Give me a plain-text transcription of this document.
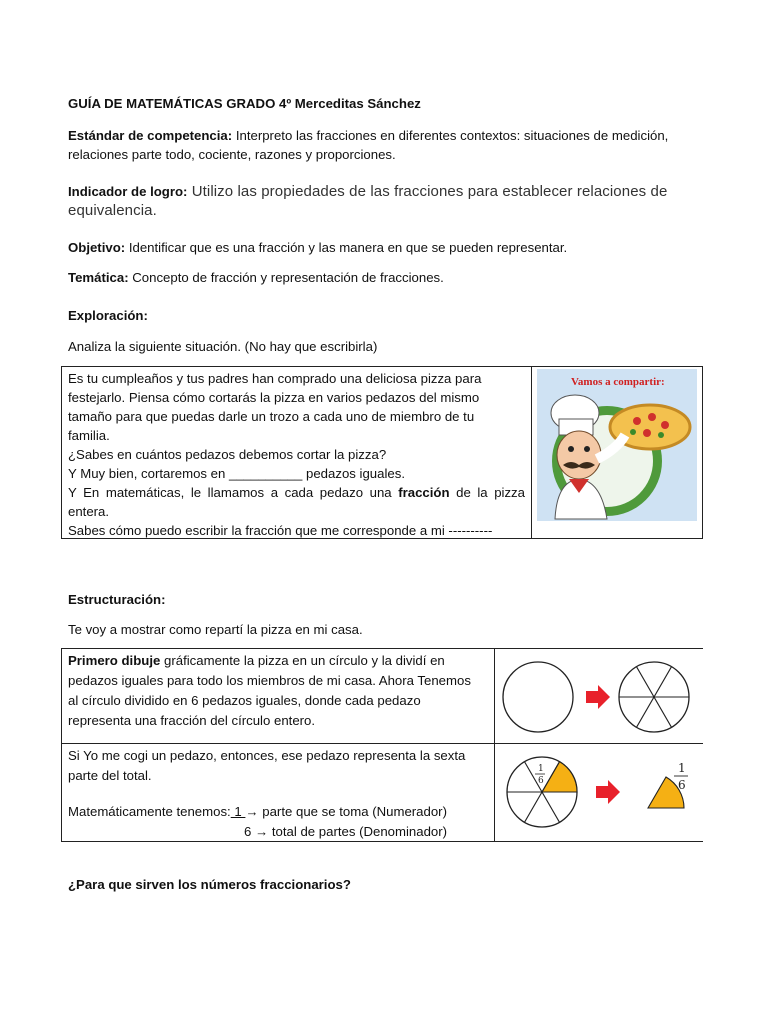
GUÍA DE MATEMÁTICAS GRADO 4º Merceditas Sánchez
Estándar de competencia: Interpreto las fracciones en diferentes contextos: situaciones de medición,
relaciones parte todo, cociente, razones y proporciones.
Indicador de logro: Utilizo las propiedades de las fracciones para establecer relaciones de
equivalencia.
Objetivo: Identificar que es una fracción y las manera en que se pueden representar.
Temática: Concepto de fracción y representación de fracciones.
Exploración:
Analiza la siguiente situación. (No hay que escribirla)
Es tu cumpleaños y tus padres han comprado una deliciosa pizza para
festejarlo. Piensa cómo cortarás la pizza en varios pedazos del mismo
tamaño para que puedas darle un trozo a cada uno de miembro de tu
familia.
¿Sabes en cuántos pedazos debemos cortar la pizza?
Y Muy bien, cortaremos en __________ pedazos iguales.
Y En matemáticas, le llamamos a cada pedazo una fracción de la pizza
entera.
Sabes cómo puedo escribir la fracción que me corresponde a mi ----------
Vamos a compartir:
Estructuración:
Te voy a mostrar como repartí la pizza en mi casa.
Primero dibuje gráficamente la pizza en un círculo y la dividí en
pedazos iguales para todo los miembros de mi casa. Ahora Tenemos
al círculo dividido en 6 pedazos iguales, donde cada pedazo
representa una fracción del círculo entero.
Si Yo me cogi un pedazo, entonces, ese pedazo representa la sexta
parte del total.
Matemáticamente tenemos: 1 → parte que se toma (Numerador)
6 → total de partes (Denominador)
1
6
1
6
¿Para que sirven los números fraccionarios?
